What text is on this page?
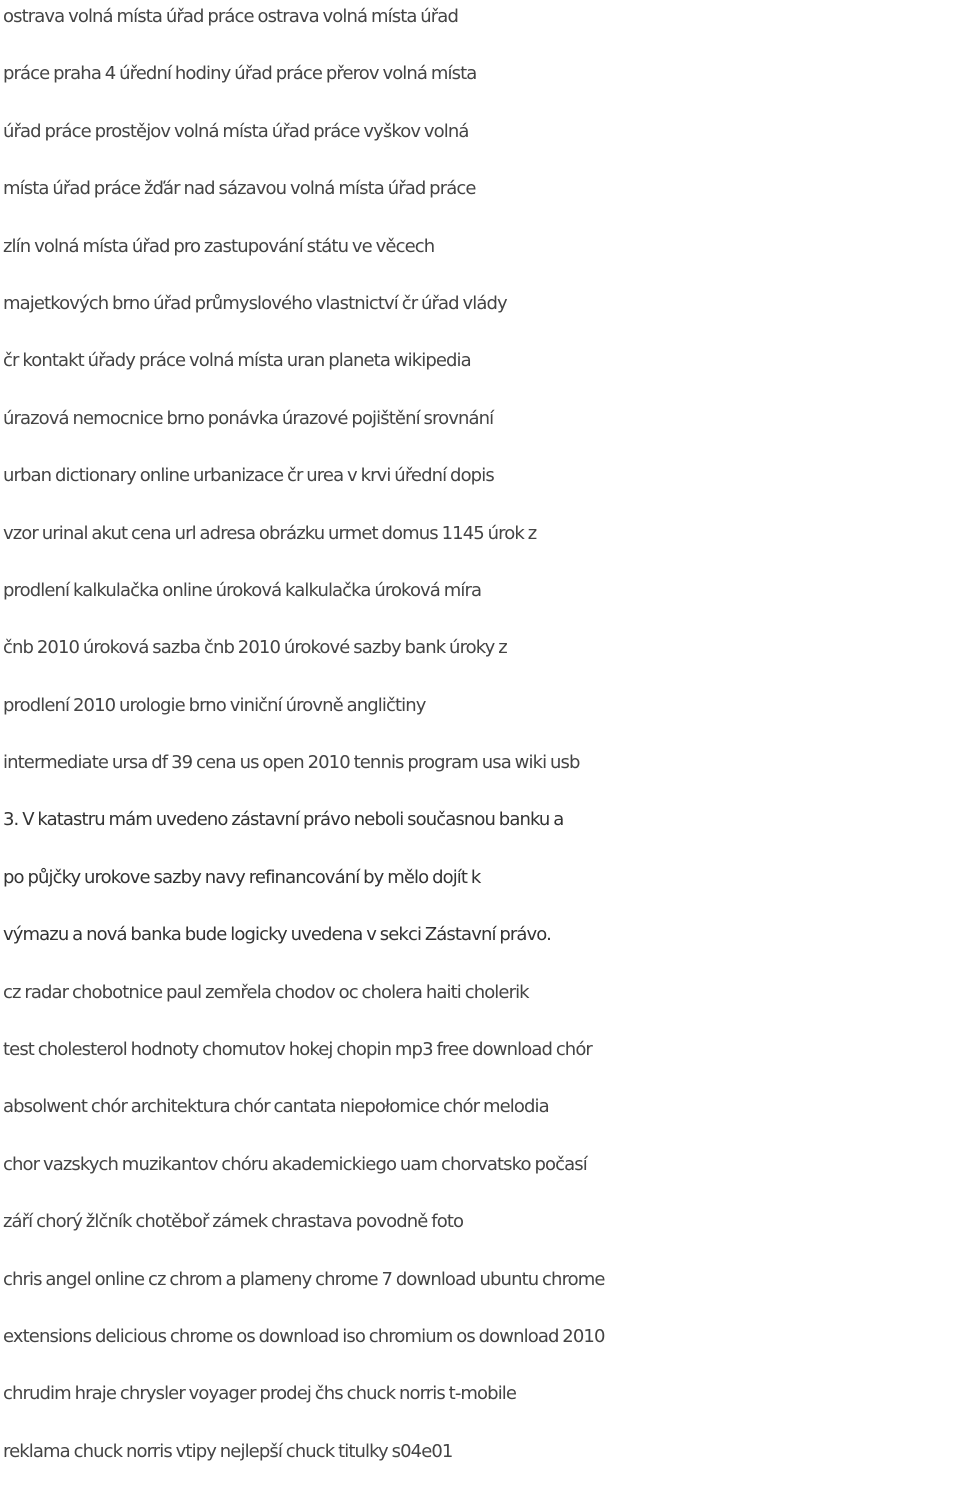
ostrava volná místa úřad práce ostrava volná místa úřad
práce praha 4 úřední hodiny úřad práce přerov volná místa
úřad práce prostějov volná místa úřad práce vyškov volná
místa úřad práce žďár nad sázavou volná místa úřad práce
zlín volná místa úřad pro zastupování státu ve věcech
majetkových brno úřad průmyslového vlastnictví čr úřad vlády
čr kontakt úřady práce volná místa uran planeta wikipedia
úrazová nemocnice brno ponávka úrazové pojištění srovnání
urban dictionary online urbanizace čr urea v krvi úřední dopis
vzor urinal akut cena url adresa obrázku urmet domus 1145 úrok z
prodlení kalkulačka online úroková kalkulačka úroková míra
čnb 2010 úroková sazba čnb 2010 úrokové sazby bank úroky z
prodlení 2010 urologie brno viniční úrovně angličtiny
intermediate ursa df 39 cena us open 2010 tennis program usa wiki usb
3. V katastru mám uvedeno zástavní právo neboli současnou banku a
po půjčky urokove sazby navy refinancování by mělo dojít k
výmazu a nová banka bude logicky uvedena v sekci Zástavní právo.
cz radar chobotnice paul zemřela chodov oc cholera haiti cholerik
test cholesterol hodnoty chomutov hokej chopin mp3 free download chór
absolwent chór architektura chór cantata niepołomice chór melodia
chor vazskych muzikantov chóru akademickiego uam chorvatsko počasí
září chorý žlčník chotěboř zámek chrastava povodně foto
chris angel online cz chrom a plameny chrome 7 download ubuntu chrome
extensions delicious chrome os download iso chromium os download 2010
chrudim hraje chrysler voyager prodej čhs chuck norris t-mobile
reklama chuck norris vtipy nejlepší chuck titulky s04e01
